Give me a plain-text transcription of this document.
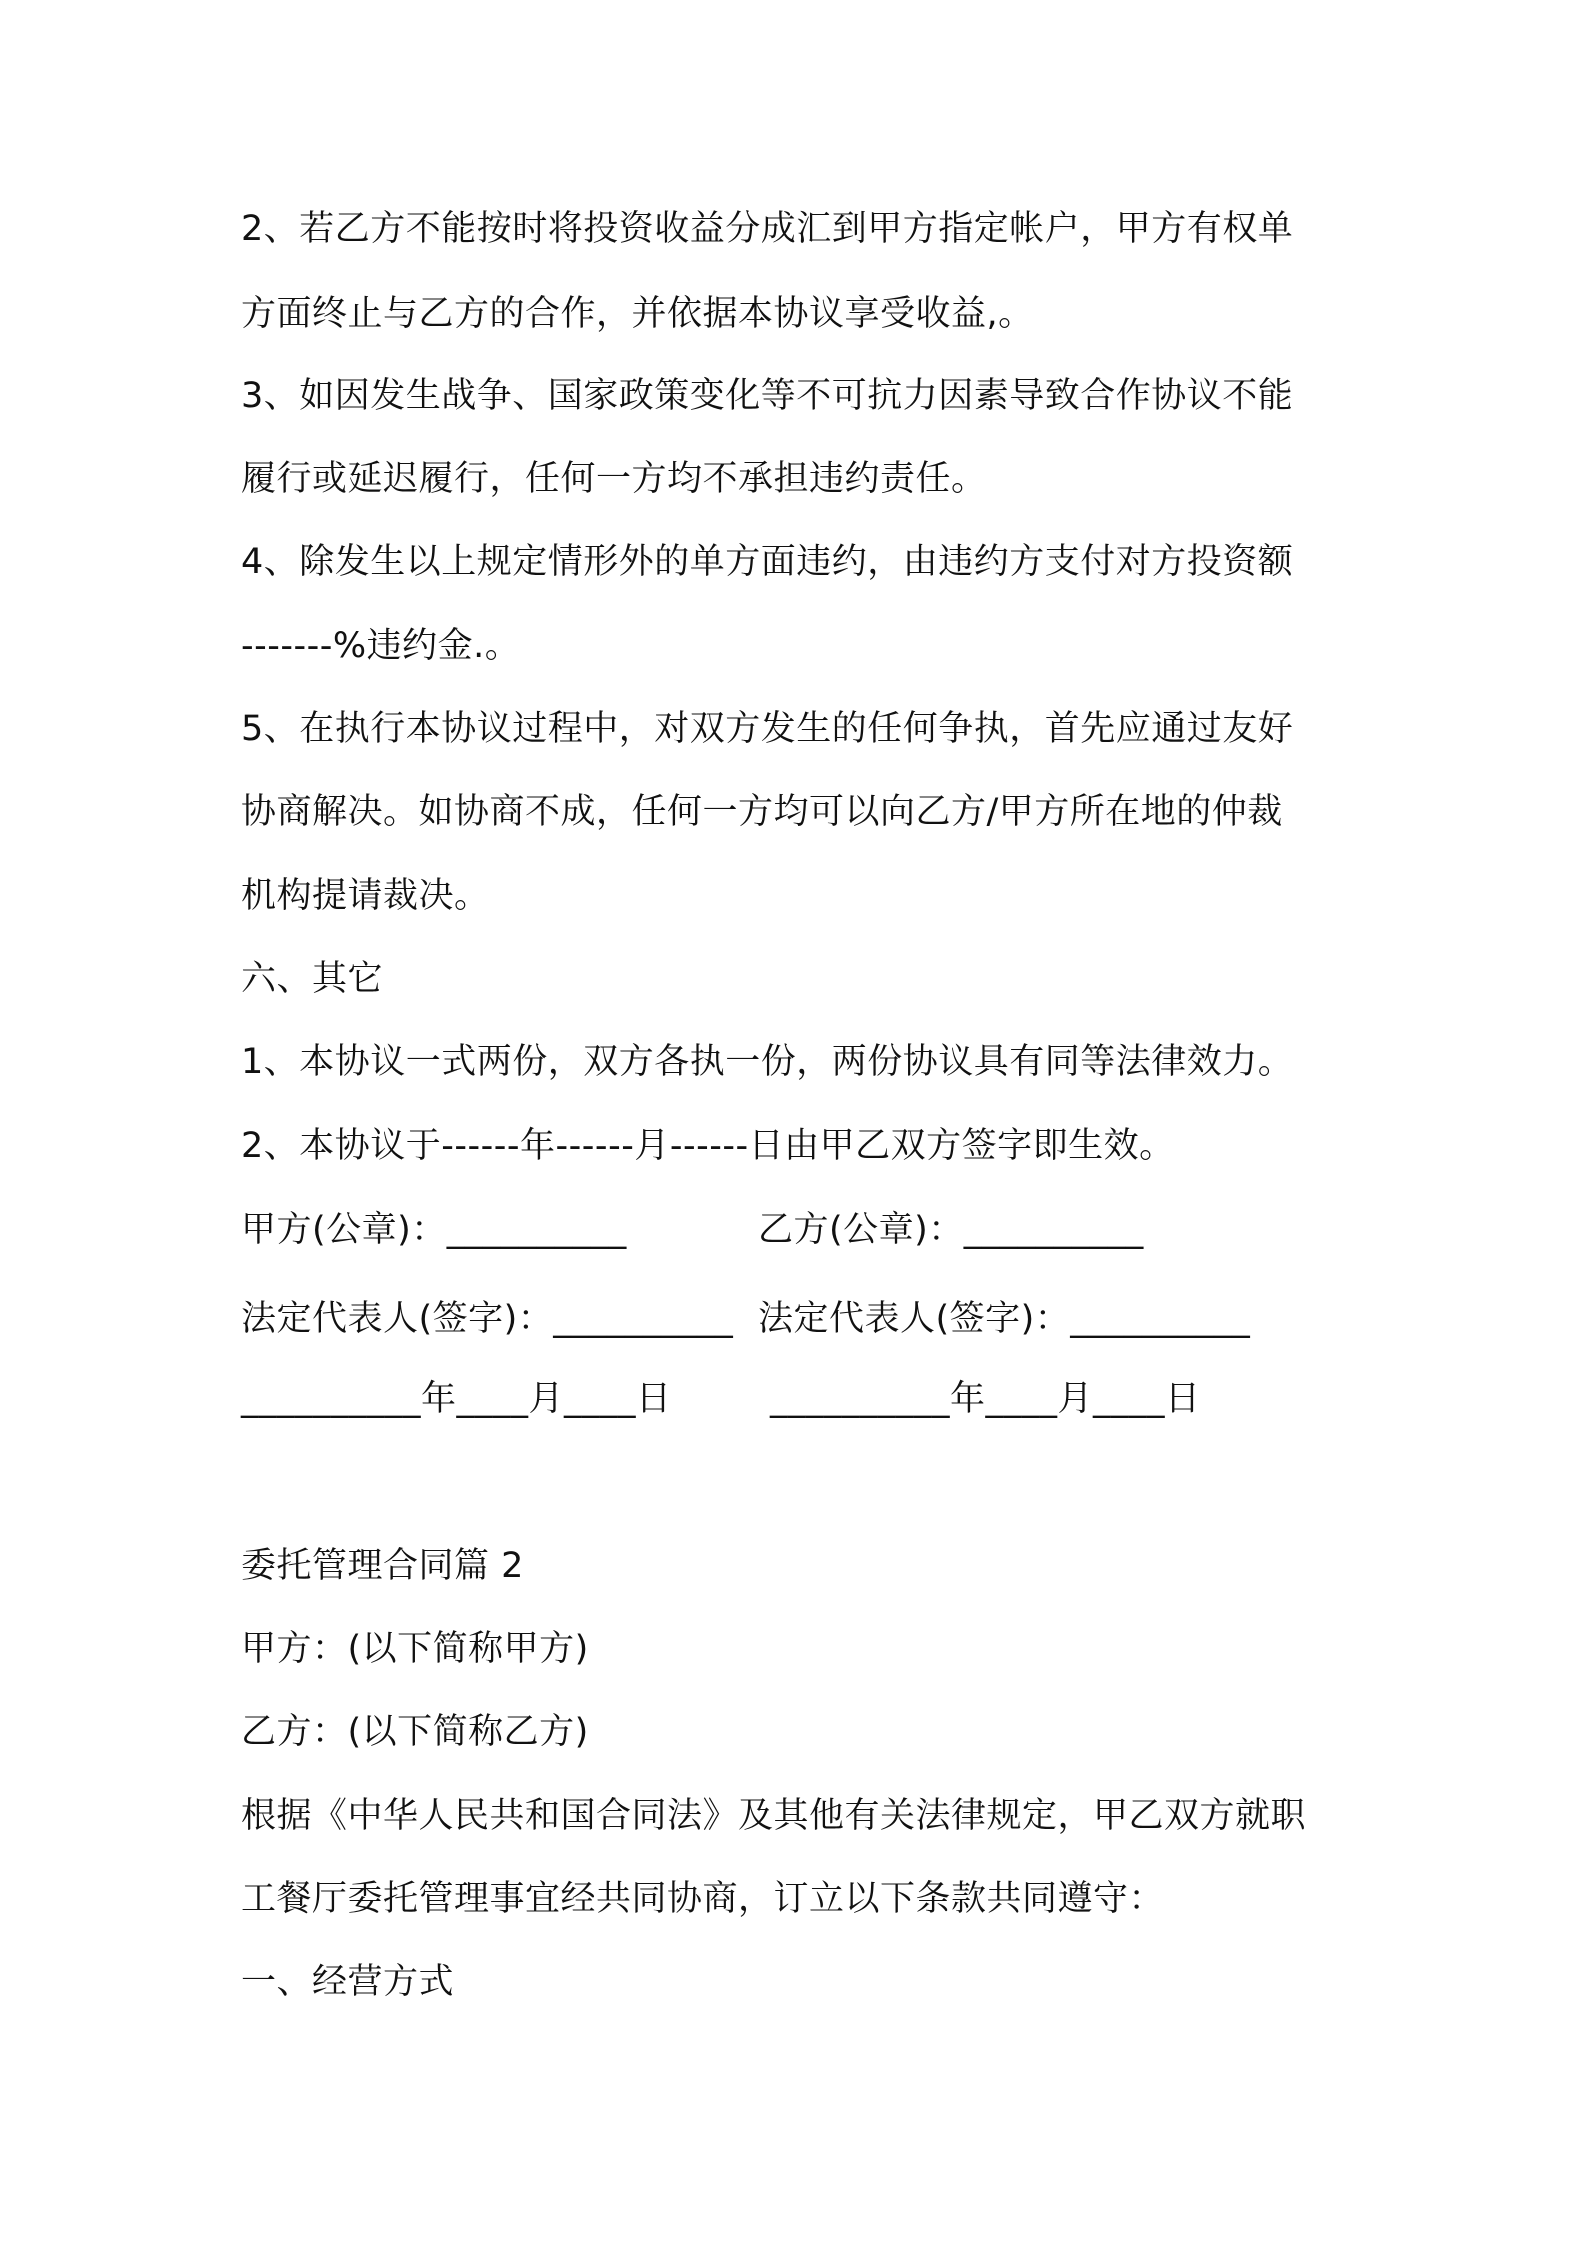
2、若乙方不能按时将投资收益分成汇到甲方指定帐户，甲方有权单

方面终止与乙方的合作，并依据本协议享受收益,。

3、如因发生战争、国家政策变化等不可抗力因素导致合作协议不能

履行或延迟履行，任何一方均不承担违约责任。

4、除发生以上规定情形外的单方面违约，由违约方支付对方投资额

-------%违约金.。

5、在执行本协议过程中，对双方发生的任何争执，首先应通过友好

协商解决。如协商不成，任何一方均可以向乙方/甲方所在地的仲裁

机构提请裁决。

六、其它

1、本协议一式两份，双方各执一份，两份协议具有同等法律效力。

2、本协议于------年------月------日由甲乙双方签字即生效。

甲方(公章)：__________	乙方(公章)：__________

法定代表人(签字)：__________ 法定代表人(签字)：__________

__________年____月____日	__________年____月____日

委托管理合同篇 2

甲方：(以下简称甲方)

乙方：(以下简称乙方)

根据《中华人民共和国合同法》及其他有关法律规定，甲乙双方就职

工餐厅委托管理事宜经共同协商，订立以下条款共同遵守：

一、经营方式
